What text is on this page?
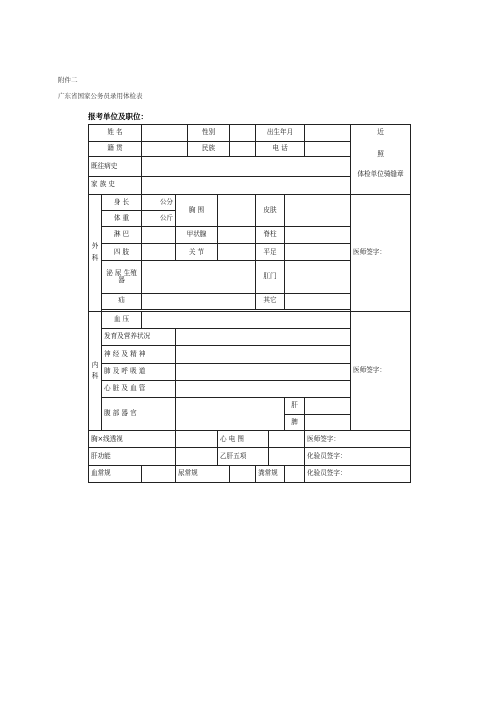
附件二
广东省国家公务员录用体检表
报考单位及职位：
姓 名				性别			出生年月				近
照
体检单位骑缝章

籍 贯				民族			电 话				
既往病史											
家 族 史											

外
科	身 长	公分	胸 围				皮肤				医师签字：
	体 重	公斤									
	淋 巴		甲状腺				脊柱				
	四 肢		关 节				平足				
	泌 尿 生殖器						肛门				
	疝						其它				

内
科	血 压										医师签字：
	发育及营养状况										
	神 经 及 精 神										
	肺 及 呼 吸 道										
	心 脏 及 血 管										
	腹 部 器 官								肝		
									脾		
胸×线透视					心 电 图					医师签字：	
肝功能					乙肝五项					化验员签字：	
血常规			尿常规				粪常规			化验员签字：	
